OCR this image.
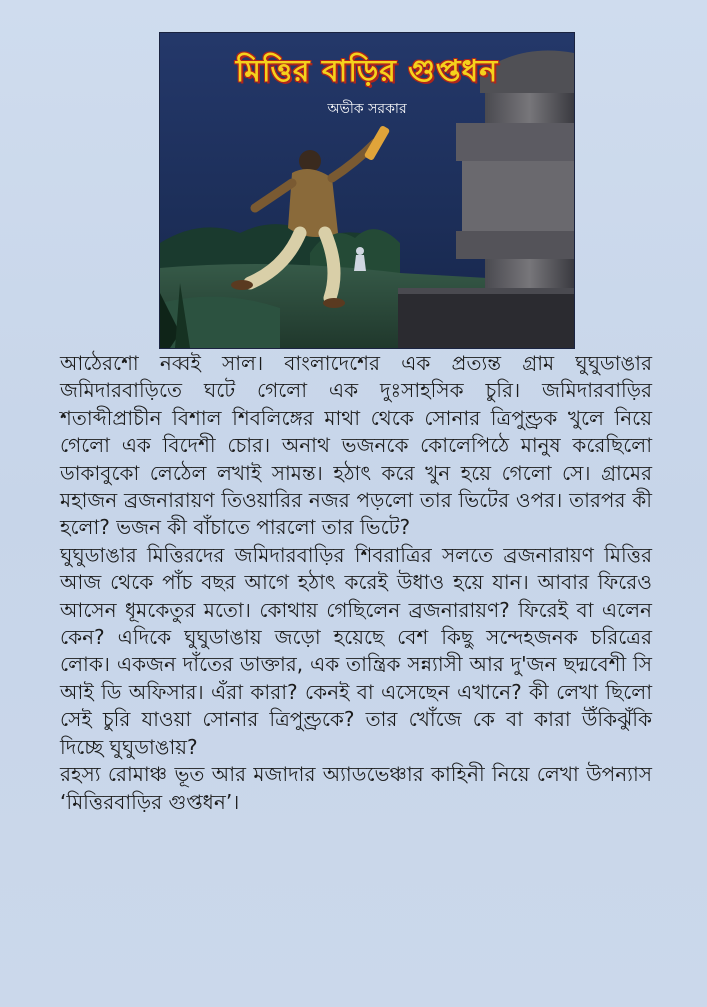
মিত্তির বাড়ির গুপ্তধন
অভীক সরকার

আঠেরশো নব্বই সাল। বাংলাদেশের এক প্রত্যন্ত গ্রাম ঘুঘুডাঙার জমিদারবাড়িতে ঘটে গেলো এক দুঃসাহসিক চুরি। জমিদারবাড়ির শতাব্দীপ্রাচীন বিশাল শিবলিঙ্গের মাথা থেকে সোনার ত্রিপুণ্ড্রক খুলে নিয়ে গেলো এক বিদেশী চোর। অনাথ ভজনকে কোলেপিঠে মানুষ করেছিলো ডাকাবুকো লেঠেল লখাই সামন্ত। হঠাৎ করে খুন হয়ে গেলো সে। গ্রামের মহাজন ব্রজনারায়ণ তিওয়ারির নজর পড়লো তার ভিটের ওপর। তারপর কী হলো? ভজন কী বাঁচাতে পারলো তার ভিটে?

ঘুঘুডাঙার মিত্তিরদের জমিদারবাড়ির শিবরাত্রির সলতে ব্রজনারায়ণ মিত্তির আজ থেকে পাঁচ বছর আগে হঠাৎ করেই উধাও হয়ে যান। আবার ফিরেও আসেন ধূমকেতুর মতো। কোথায় গেছিলেন ব্রজনারায়ণ? ফিরেই বা এলেন কেন? এদিকে ঘুঘুডাঙায় জড়ো হয়েছে বেশ কিছু সন্দেহজনক চরিত্রের লোক। একজন দাঁতের ডাক্তার, এক তান্ত্রিক সন্ন্যাসী আর দু'জন ছদ্মবেশী সি আই ডি অফিসার। এঁরা কারা? কেনই বা এসেছেন এখানে? কী লেখা ছিলো সেই চুরি যাওয়া সোনার ত্রিপুণ্ড্রকে? তার খোঁজে কে বা কারা উঁকিঝুঁকি দিচ্ছে ঘুঘুডাঙায়?

রহস্য রোমাঞ্চ ভূত আর মজাদার অ্যাডভেঞ্চার কাহিনী নিয়ে লেখা উপন্যাস ‘মিত্তিরবাড়ির গুপ্তধন’।
